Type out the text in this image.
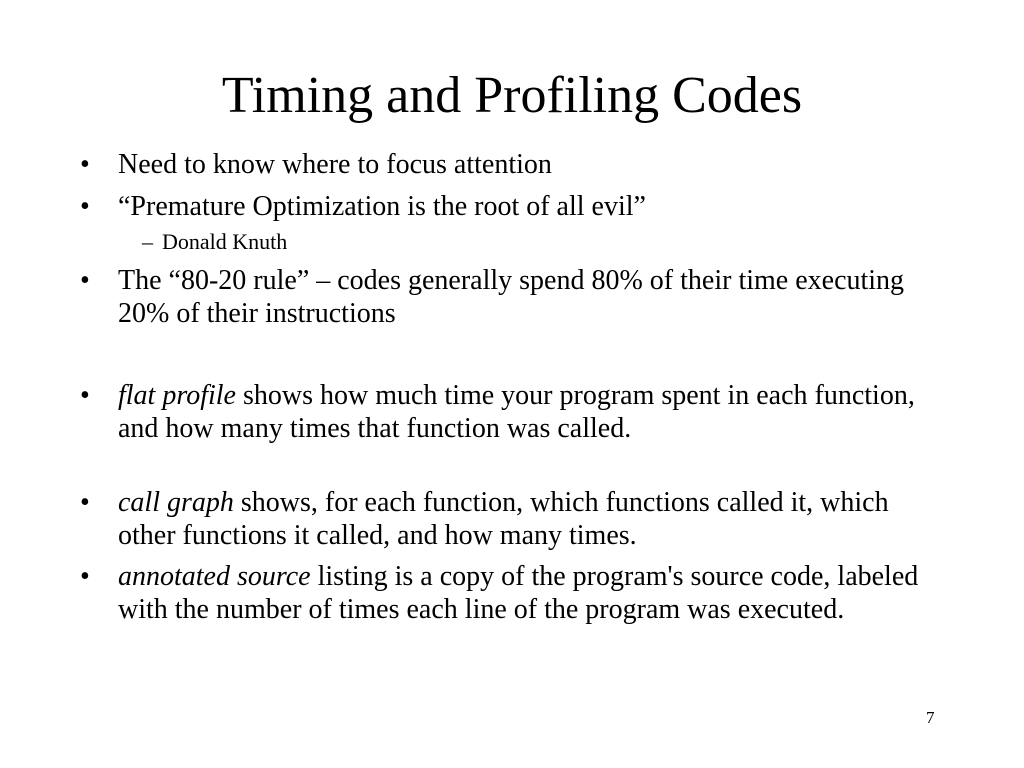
Timing and Profiling Codes
•	Need to know where to focus attention
•	“Premature Optimization is the root of all evil”
– Donald Knuth
•	The “80-20 rule” – codes generally spend 80% of their time executing 20% of their instructions
•	flat profile shows how much time your program spent in each function, and how many times that function was called.
•	call graph shows, for each function, which functions called it, which other functions it called, and how many times.
•	annotated source listing is a copy of the program's source code, labeled with the number of times each line of the program was executed.
7
